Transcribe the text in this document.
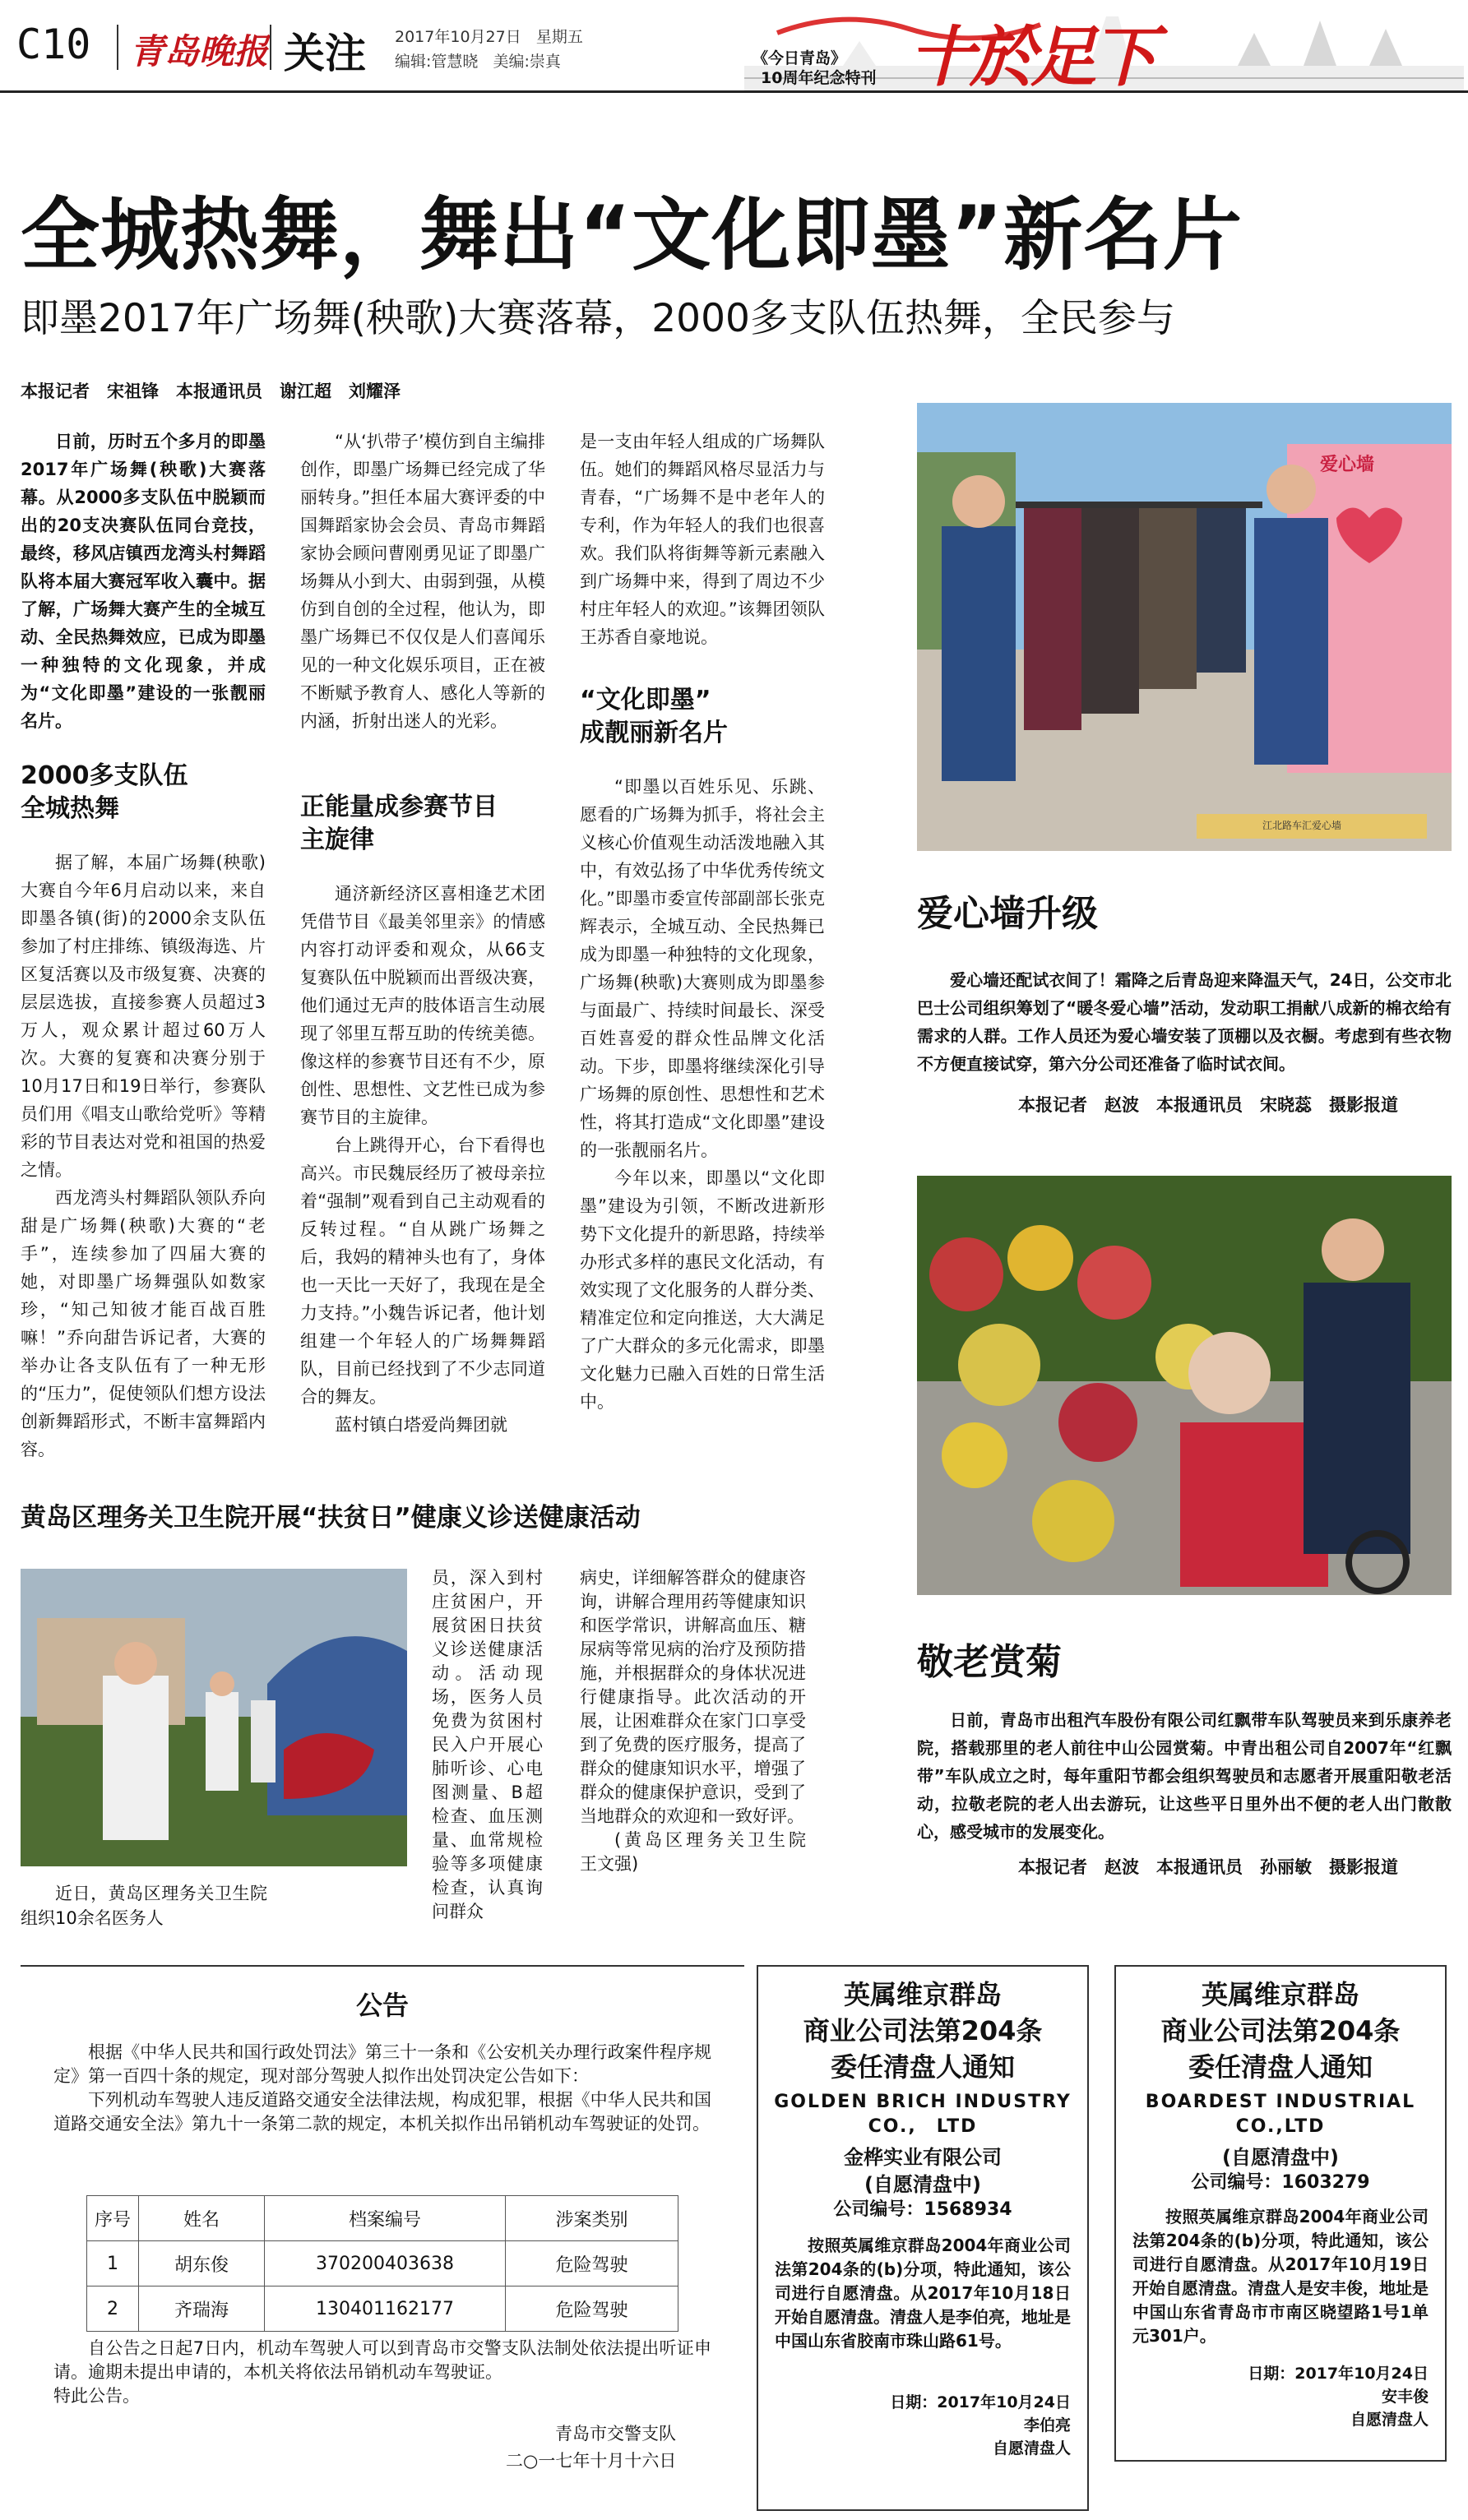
C10 青岛晚报 关注 2017年10月27日 星期五
编辑:管慧晓 美编:崇真	《今日青岛》
10周年纪念特刊 十於足下
全城热舞，舞出“文化即墨”新名片
即墨2017年广场舞(秧歌)大赛落幕，2000多支队伍热舞，全民参与
本报记者　宋祖锋　本报通讯员　谢江超　刘耀泽

日前，历时五个多月的即墨2017年广场舞(秧歌)大赛落幕。从2000多支队伍中脱颖而出的20支决赛队伍同台竞技，最终，移风店镇西龙湾头村舞蹈队将本届大赛冠军收入囊中。据了解，广场舞大赛产生的全城互动、全民热舞效应，已成为即墨一种独特的文化现象，并成为“文化即墨”建设的一张靓丽名片。

2000多支队伍
全城热舞

据了解，本届广场舞(秧歌)大赛自今年6月启动以来，来自即墨各镇(街)的2000余支队伍参加了村庄排练、镇级海选、片区复活赛以及市级复赛、决赛的层层选拔，直接参赛人员超过3万人，观众累计超过60万人次。大赛的复赛和决赛分别于10月17日和19日举行，参赛队员们用《唱支山歌给党听》等精彩的节目表达对党和祖国的热爱之情。

西龙湾头村舞蹈队领队乔向甜是广场舞(秧歌)大赛的“老手”，连续参加了四届大赛的她，对即墨广场舞强队如数家珍，“知己知彼才能百战百胜嘛！”乔向甜告诉记者，大赛的举办让各支队伍有了一种无形的“压力”，促使领队们想方设法创新舞蹈形式，不断丰富舞蹈内容。

“从‘扒带子’模仿到自主编排创作，即墨广场舞已经完成了华丽转身。”担任本届大赛评委的中国舞蹈家协会会员、青岛市舞蹈家协会顾问曹刚勇见证了即墨广场舞从小到大、由弱到强，从模仿到自创的全过程，他认为，即墨广场舞已不仅仅是人们喜闻乐见的一种文化娱乐项目，正在被不断赋予教育人、感化人等新的内涵，折射出迷人的光彩。

正能量成参赛节目
主旋律

通济新经济区喜相逢艺术团凭借节目《最美邻里亲》的情感内容打动评委和观众，从66支复赛队伍中脱颖而出晋级决赛，他们通过无声的肢体语言生动展现了邻里互帮互助的传统美德。像这样的参赛节目还有不少，原创性、思想性、文艺性已成为参赛节目的主旋律。

台上跳得开心，台下看得也高兴。市民魏辰经历了被母亲拉着“强制”观看到自己主动观看的反转过程。“自从跳广场舞之后，我妈的精神头也有了，身体也一天比一天好了，我现在是全力支持。”小魏告诉记者，他计划组建一个年轻人的广场舞舞蹈队，目前已经找到了不少志同道合的舞友。

蓝村镇白塔爱尚舞团就

是一支由年轻人组成的广场舞队伍。她们的舞蹈风格尽显活力与青春，“广场舞不是中老年人的专利，作为年轻人的我们也很喜欢。我们队将街舞等新元素融入到广场舞中来，得到了周边不少村庄年轻人的欢迎。”该舞团领队王苏香自豪地说。

“文化即墨”
成靓丽新名片

“即墨以百姓乐见、乐跳、愿看的广场舞为抓手，将社会主义核心价值观生动活泼地融入其中，有效弘扬了中华优秀传统文化。”即墨市委宣传部副部长张克辉表示，全城互动、全民热舞已成为即墨一种独特的文化现象，广场舞(秧歌)大赛则成为即墨参与面最广、持续时间最长、深受百姓喜爱的群众性品牌文化活动。下步，即墨将继续深化引导广场舞的原创性、思想性和艺术性，将其打造成“文化即墨”建设的一张靓丽名片。

今年以来，即墨以“文化即墨”建设为引领，不断改进新形势下文化提升的新思路，持续举办形式多样的惠民文化活动，有效实现了文化服务的人群分类、精准定位和定向推送，大大满足了广大群众的多元化需求，即墨文化魅力已融入百姓的日常生活中。

爱心墙
江北路车汇爱心墙
爱心墙升级

爱心墙还配试衣间了！霜降之后青岛迎来降温天气，24日，公交市北巴士公司组织筹划了“暖冬爱心墙”活动，发动职工捐献八成新的棉衣给有需求的人群。工作人员还为爱心墙安装了顶棚以及衣橱。考虑到有些衣物不方便直接试穿，第六分公司还准备了临时试衣间。

本报记者　赵波　本报通讯员　宋晓蕊　摄影报道
敬老赏菊

日前，青岛市出租汽车股份有限公司红飘带车队驾驶员来到乐康养老院，搭载那里的老人前往中山公园赏菊。中青出租公司自2007年“红飘带”车队成立之时，每年重阳节都会组织驾驶员和志愿者开展重阳敬老活动，拉敬老院的老人出去游玩，让这些平日里外出不便的老人出门散散心，感受城市的发展变化。

本报记者　赵波　本报通讯员　孙丽敏　摄影报道
黄岛区理务关卫生院开展“扶贫日”健康义诊送健康活动

近日，黄岛区理务关卫生院组织10余名医务人

员，深入到村庄贫困户，开展贫困日扶贫义诊送健康活动。活动现场，医务人员免费为贫困村民入户开展心肺听诊、心电图测量、B超检查、血压测量、血常规检验等多项健康检查，认真询问群众

病史，详细解答群众的健康咨询，讲解合理用药等健康知识和医学常识，讲解高血压、糖尿病等常见病的治疗及预防措施，并根据群众的身体状况进行健康指导。此次活动的开展，让困难群众在家门口享受到了免费的医疗服务，提高了群众的健康知识水平，增强了群众的健康保护意识，受到了当地群众的欢迎和一致好评。

(黄岛区理务关卫生院　王文强)

公告

根据《中华人民共和国行政处罚法》第三十一条和《公安机关办理行政案件程序规定》第一百四十条的规定，现对部分驾驶人拟作出处罚决定公告如下：

下列机动车驾驶人违反道路交通安全法律法规，构成犯罪，根据《中华人民共和国道路交通安全法》第九十一条第二款的规定，本机关拟作出吊销机动车驾驶证的处罚。

序号	姓名	档案编号	涉案类别
1	胡东俊	370200403638	危险驾驶
2	齐瑞海	130401162177	危险驾驶

自公告之日起7日内，机动车驾驶人可以到青岛市交警支队法制处依法提出听证申请。逾期未提出申请的，本机关将依法吊销机动车驾驶证。

特此公告。

青岛市交警支队
二○一七年十月十六日
英属维京群岛
商业公司法第204条
委任清盘人通知
GOLDEN BRICH INDUSTRY
CO.,　LTD
金桦实业有限公司
(自愿清盘中)
公司编号：1568934

按照英属维京群岛2004年商业公司法第204条的(b)分项，特此通知，该公司进行自愿清盘。从2017年10月18日开始自愿清盘。清盘人是李伯亮，地址是中国山东省胶南市珠山路61号。

日期：2017年10月24日
李伯亮
自愿清盘人
英属维京群岛
商业公司法第204条
委任清盘人通知
BOARDEST INDUSTRIAL
CO.,LTD
(自愿清盘中)
公司编号：1603279

按照英属维京群岛2004年商业公司法第204条的(b)分项，特此通知，该公司进行自愿清盘。从2017年10月19日开始自愿清盘。清盘人是安丰俊，地址是中国山东省青岛市市南区晓望路1号1单元301户。

日期：2017年10月24日
安丰俊
自愿清盘人
